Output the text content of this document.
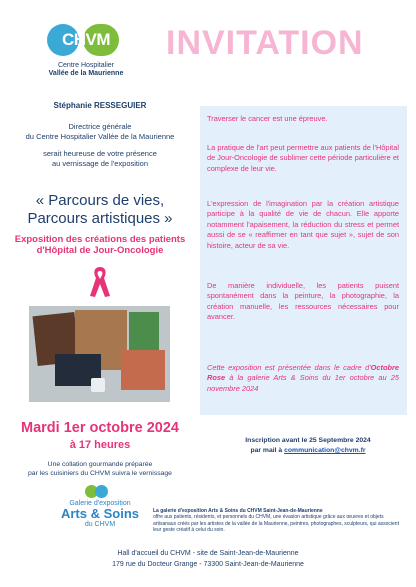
CHVM
Centre Hospitalier
Vallée de la Maurienne
INVITATION
Stéphanie RESSEGUIER
Directrice générale
du Centre Hospitalier Vallée de la Maurienne
serait heureuse de votre présence
au vernissage de l'exposition
« Parcours de vies,
Parcours artistiques »
Exposition des créations des patients
d'Hôpital de Jour-Oncologie

Traverser le cancer est une épreuve.

La pratique de l'art peut permettre aux patients de l'Hôpital de Jour-Oncologie de sublimer cette période particulière et complexe de leur vie.

L'expression de l'imagination par la création artistique participe à la qualité de vie de chacun. Elle apporte notamment l'apaisement, la réduction du stress et permet aussi de se « reaffirmer en tant que sujet », sujet de son histoire, acteur de sa vie.

De manière individuelle, les patients puisent spontanément dans la peinture, la photographie, la création manuelle, les ressources nécessaires pour avancer.

Cette exposition est présentée dans le cadre d'Octobre Rose à la galerie Arts & Soins du 1er octobre au 25 novembre 2024

Mardi 1er octobre 2024
à 17 heures
Une collation gourmande préparée
par les cuisiniers du CHVM suivra le vernissage
Inscription avant le 25 Septembre 2024
par mail à communication@chvm.fr
Galerie d'exposition
Arts & Soins
du CHVM
La galerie d'exposition Arts & Soins du CHVM Saint-Jean-de-Maurienne
offre aux patients, résidents, et personnels du CHVM, une évasion artistique grâce aux œuvres et objets artisanaux créés par les artistes de la vallée de la Maurienne, peintres, photographes, sculpteurs, qui associent leur geste créatif à celui du soin.
Hall d'accueil du CHVM - site de Saint-Jean-de-Maurienne
179 rue du Docteur Grange - 73300 Saint-Jean-de-Maurienne
